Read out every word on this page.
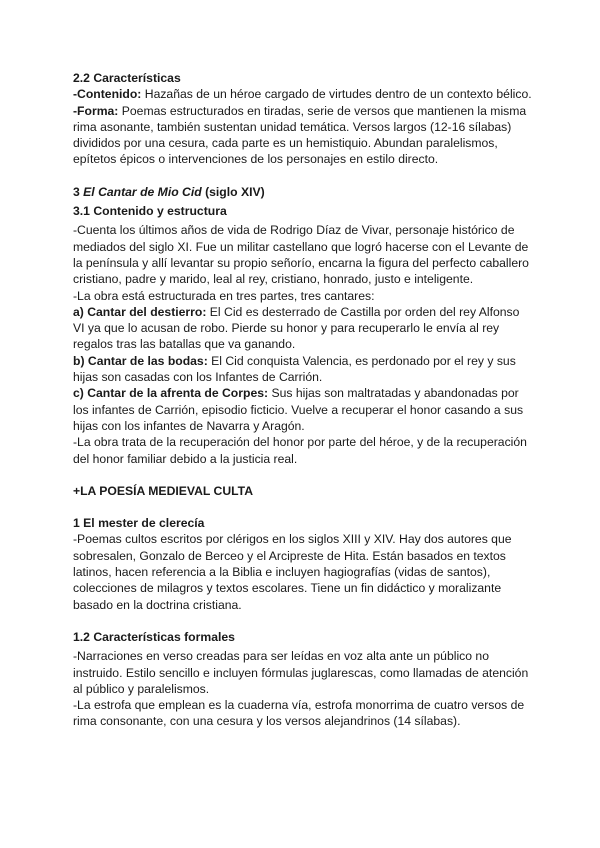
2.2 Características

-Contenido: Hazañas de un héroe cargado de virtudes dentro de un contexto bélico.

-Forma: Poemas estructurados en tiradas, serie de versos que mantienen la misma rima asonante, también sustentan unidad temática. Versos largos (12-16 sílabas) divididos por una cesura, cada parte es un hemistiquio. Abundan paralelismos, epítetos épicos o intervenciones de los personajes en estilo directo.

3 El Cantar de Mio Cid (siglo XIV)

3.1 Contenido y estructura

-Cuenta los últimos años de vida de Rodrigo Díaz de Vivar, personaje histórico de mediados del siglo XI. Fue un militar castellano que logró hacerse con el Levante de la península y allí levantar su propio señorío, encarna la figura del perfecto caballero cristiano, padre y marido, leal al rey, cristiano, honrado, justo e inteligente.

-La obra está estructurada en tres partes, tres cantares:

a) Cantar del destierro: El Cid es desterrado de Castilla por orden del rey Alfonso VI ya que lo acusan de robo. Pierde su honor y para recuperarlo le envía al rey regalos tras las batallas que va ganando.

b) Cantar de las bodas: El Cid conquista Valencia, es perdonado por el rey y sus hijas son casadas con los Infantes de Carrión.

c) Cantar de la afrenta de Corpes: Sus hijas son maltratadas y abandonadas por los infantes de Carrión, episodio ficticio. Vuelve a recuperar el honor casando a sus hijas con los infantes de Navarra y Aragón.

-La obra trata de la recuperación del honor por parte del héroe, y de la recuperación del honor familiar debido a la justicia real.

+LA POESÍA MEDIEVAL CULTA

1 El mester de clerecía

-Poemas cultos escritos por clérigos en los siglos XIII y XIV. Hay dos autores que sobresalen, Gonzalo de Berceo y el Arcipreste de Hita. Están basados en textos latinos, hacen referencia a la Biblia e incluyen hagiografías (vidas de santos), colecciones de milagros y textos escolares. Tiene un fin didáctico y moralizante basado en la doctrina cristiana.

1.2 Características formales

-Narraciones en verso creadas para ser leídas en voz alta ante un público no instruido. Estilo sencillo e incluyen fórmulas juglarescas, como llamadas de atención al público y paralelismos.

-La estrofa que emplean es la cuaderna vía, estrofa monorrima de cuatro versos de rima consonante, con una cesura y los versos alejandrinos (14 sílabas).
